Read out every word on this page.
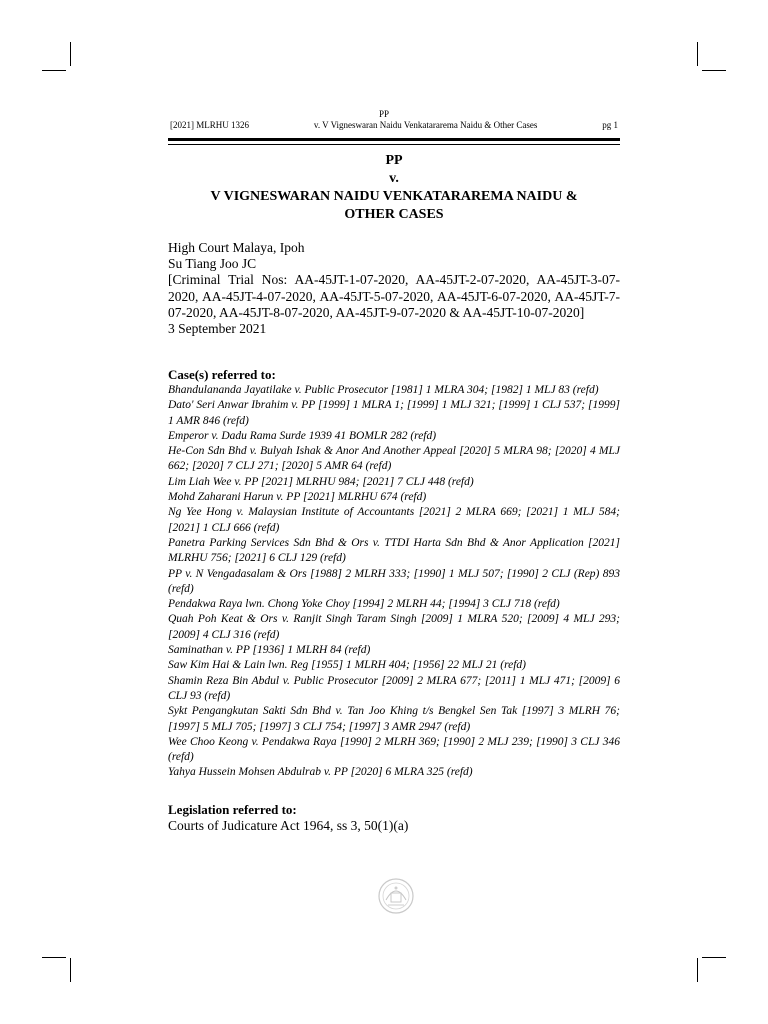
PP
[2021] MLRHU 1326	v. V Vigneswaran Naidu Venkatararema Naidu & Other Cases	pg 1
PP
v.
V VIGNESWARAN NAIDU VENKATARAREMA NAIDU &
OTHER CASES
High Court Malaya, Ipoh
Su Tiang Joo JC
[Criminal Trial Nos: AA-45JT-1-07-2020, AA-45JT-2-07-2020, AA-45JT-3-07-2020, AA-45JT-4-07-2020, AA-45JT-5-07-2020, AA-45JT-6-07-2020, AA-45JT-7-07-2020, AA-45JT-8-07-2020, AA-45JT-9-07-2020 & AA-45JT-10-07-2020]
3 September 2021
Case(s) referred to:
Bhandulananda Jayatilake v. Public Prosecutor [1981] 1 MLRA 304; [1982] 1 MLJ 83 (refd)
Dato' Seri Anwar Ibrahim v. PP [1999] 1 MLRA 1; [1999] 1 MLJ 321; [1999] 1 CLJ 537; [1999] 1 AMR 846 (refd)
Emperor v. Dadu Rama Surde 1939 41 BOMLR 282 (refd)
He-Con Sdn Bhd v. Bulyah Ishak & Anor And Another Appeal [2020] 5 MLRA 98; [2020] 4 MLJ 662; [2020] 7 CLJ 271; [2020] 5 AMR 64 (refd)
Lim Liah Wee v. PP [2021] MLRHU 984; [2021] 7 CLJ 448 (refd)
Mohd Zaharani Harun v. PP [2021] MLRHU 674 (refd)
Ng Yee Hong v. Malaysian Institute of Accountants [2021] 2 MLRA 669; [2021] 1 MLJ 584; [2021] 1 CLJ 666 (refd)
Panetra Parking Services Sdn Bhd & Ors v. TTDI Harta Sdn Bhd & Anor Application [2021] MLRHU 756; [2021] 6 CLJ 129 (refd)
PP v. N Vengadasalam & Ors [1988] 2 MLRH 333; [1990] 1 MLJ 507; [1990] 2 CLJ (Rep) 893 (refd)
Pendakwa Raya lwn. Chong Yoke Choy [1994] 2 MLRH 44; [1994] 3 CLJ 718 (refd)
Quah Poh Keat & Ors v. Ranjit Singh Taram Singh [2009] 1 MLRA 520; [2009] 4 MLJ 293; [2009] 4 CLJ 316 (refd)
Saminathan v. PP [1936] 1 MLRH 84 (refd)
Saw Kim Hai & Lain lwn. Reg [1955] 1 MLRH 404; [1956] 22 MLJ 21 (refd)
Shamin Reza Bin Abdul v. Public Prosecutor [2009] 2 MLRA 677; [2011] 1 MLJ 471; [2009] 6 CLJ 93 (refd)
Sykt Pengangkutan Sakti Sdn Bhd v. Tan Joo Khing t/s Bengkel Sen Tak [1997] 3 MLRH 76; [1997] 5 MLJ 705; [1997] 3 CLJ 754; [1997] 3 AMR 2947 (refd)
Wee Choo Keong v. Pendakwa Raya [1990] 2 MLRH 369; [1990] 2 MLJ 239; [1990] 3 CLJ 346 (refd)
Yahya Hussein Mohsen Abdulrab v. PP [2020] 6 MLRA 325 (refd)
Legislation referred to:
Courts of Judicature Act 1964, ss 3, 50(1)(a)
